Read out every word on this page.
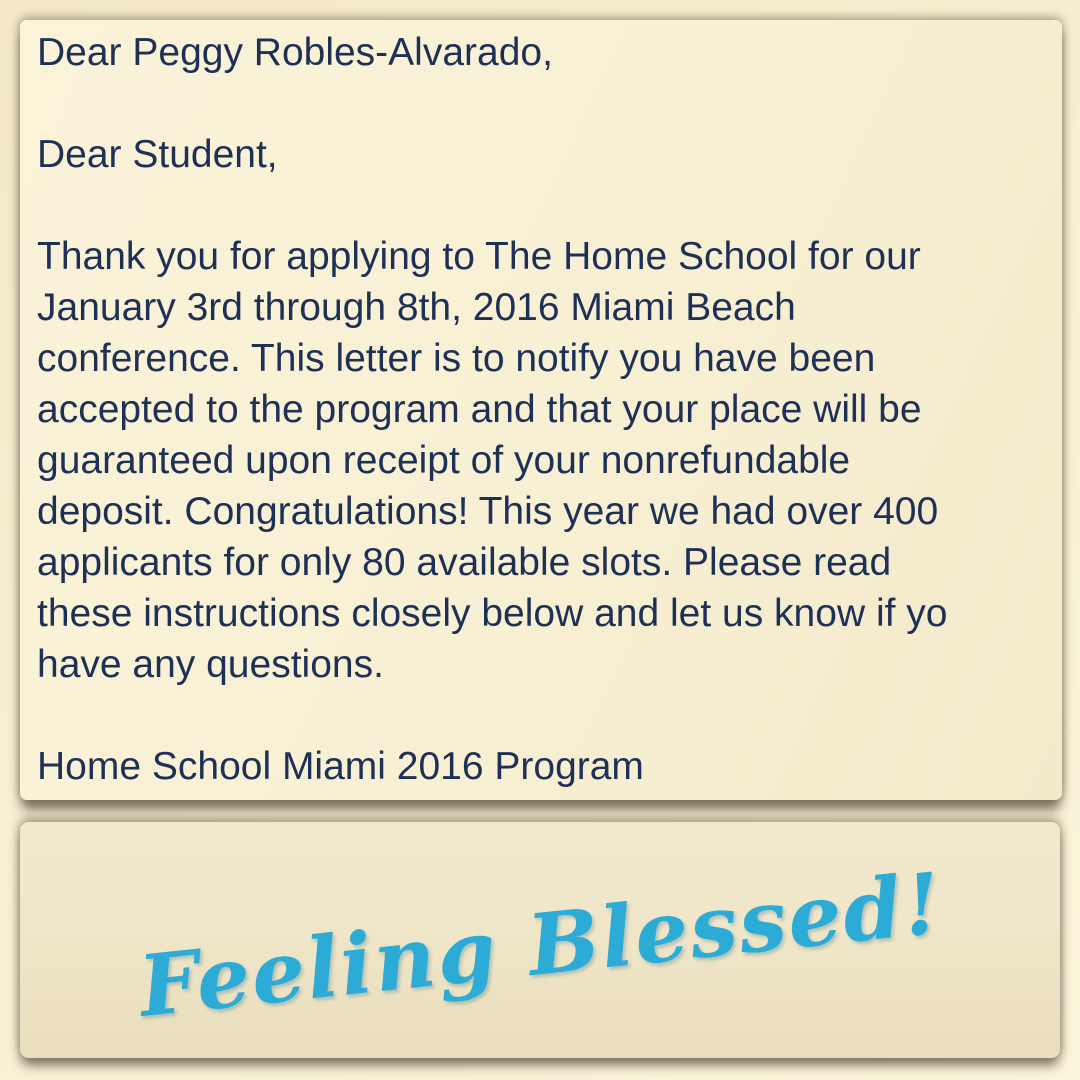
Dear Peggy Robles-Alvarado,
Dear Student,
Thank you for applying to The Home School for our
January 3rd through 8th, 2016 Miami Beach
conference. This letter is to notify you have been
accepted to the program and that your place will be
guaranteed upon receipt of your nonrefundable
deposit. Congratulations! This year we had over 400
applicants for only 80 available slots. Please read
these instructions closely below and let us know if yo
have any questions.
Home School Miami 2016 Program
Feeling Blessed!
